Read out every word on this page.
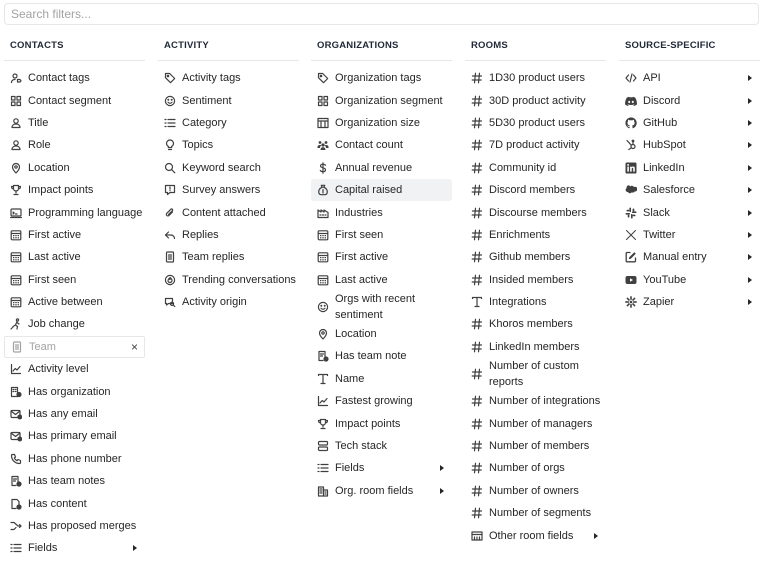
Search filters...
CONTACTS
Contact tags
Contact segment
Title
Role
Location
Impact points
Programming language
First active
Last active
First seen
Active between
Job change
Team	×
Activity level
Has organization
Has any email
Has primary email
Has phone number
Has team notes
Has content
Has proposed merges
Fields
ACTIVITY
Activity tags
Sentiment
Category
Topics
Keyword search
Survey answers
Content attached
Replies
Team replies
Trending conversations
Activity origin
ORGANIZATIONS
Organization tags
Organization segment
Organization size
Contact count
Annual revenue
Capital raised
Industries
First seen
First active
Last active
Orgs with recent sentiment
Location
Has team note
Name
Fastest growing
Impact points
Tech stack
Fields
Org. room fields
ROOMS
1D30 product users
30D product activity
5D30 product users
7D product activity
Community id
Discord members
Discourse members
Enrichments
Github members
Insided members
Integrations
Khoros members
LinkedIn members
Number of custom reports
Number of integrations
Number of managers
Number of members
Number of orgs
Number of owners
Number of segments
Other room fields
SOURCE-SPECIFIC
API
Discord
GitHub
HubSpot
LinkedIn
Salesforce
Slack
Twitter
Manual entry
YouTube
Zapier
